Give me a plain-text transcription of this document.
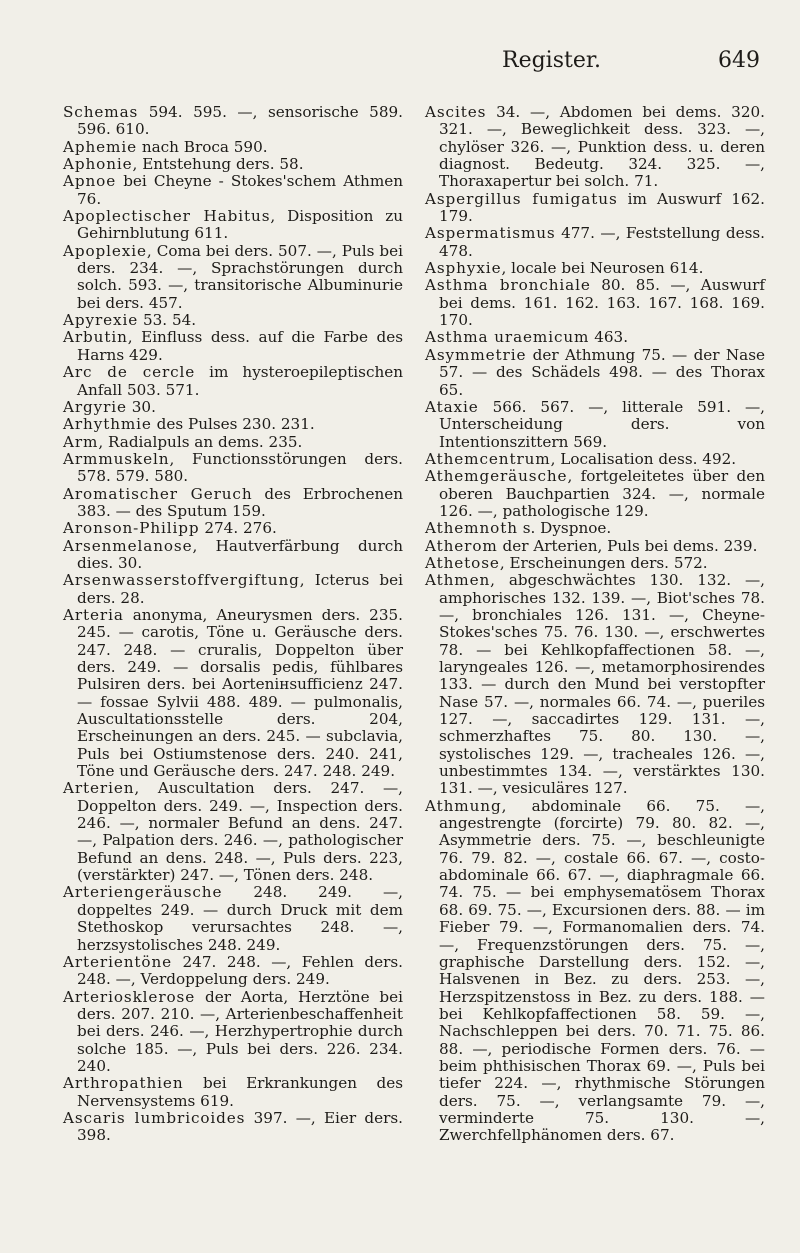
Register.	649
Schemas 594. 595. —, sensorische 589. 596. 610.
Aphemie nach Broca 590.
Aphonie, Entstehung ders. 58.
Apnoe bei Cheyne - Stokes'schem Athmen 76.
Apoplectischer Habitus, Disposition zu Gehirnblutung 611.
Apoplexie, Coma bei ders. 507. —, Puls bei ders. 234. —, Sprachstörungen durch solch. 593. —, transitorische Albuminurie bei ders. 457.
Apyrexie 53. 54.
Arbutin, Einfluss dess. auf die Farbe des Harns 429.
Arc de cercle im hysteroepileptischen Anfall 503. 571.
Argyrie 30.
Arhythmie des Pulses 230. 231.
Arm, Radialpuls an dems. 235.
Armmuskeln, Functionsstörungen ders. 578. 579. 580.
Aromatischer Geruch des Erbrochenen 383. — des Sputum 159.
Aronson-Philipp 274. 276.
Arsenmelanose, Hautverfärbung durch dies. 30.
Arsenwasserstoffvergiftung, Icterus bei ders. 28.
Arteria anonyma, Aneurysmen ders. 235. 245. — carotis, Töne u. Geräusche ders. 247. 248. — cruralis, Doppelton über ders. 249. — dorsalis pedis, fühlbares Pulsiren ders. bei Aortenінsufficienz 247. — fossae Sylvii 488. 489. — pulmonalis, Auscultationsstelle ders. 204, Erscheinungen an ders. 245. — subclavia, Puls bei Ostiumstenose ders. 240. 241, Töne und Geräusche ders. 247. 248. 249.
Arterien, Auscultation ders. 247. —, Doppelton ders. 249. —, Inspection ders. 246. —, normaler Befund an dens. 247. —, Palpation ders. 246. —, pathologischer Befund an dens. 248. —, Puls ders. 223, (verstärkter) 247. —, Tönen ders. 248.
Arteriengeräusche 248. 249. —, doppeltes 249. — durch Druck mit dem Stethoskop verursachtes 248. —, herzsystolisches 248. 249.
Arterientöne 247. 248. —, Fehlen ders. 248. —, Verdoppelung ders. 249.
Arteriosklerose der Aorta, Herztöne bei ders. 207. 210. —, Arterienbeschaffenheit bei ders. 246. —, Herzhypertrophie durch solche 185. —, Puls bei ders. 226. 234. 240.
Arthropathien bei Erkrankungen des Nervensystems 619.
Ascaris lumbricoides 397. —, Eier ders. 398.
Ascites 34. —, Abdomen bei dems. 320. 321. —, Beweglichkeit dess. 323. —, chylöser 326. —, Punktion dess. u. deren diagnost. Bedeutg. 324. 325. —, Thoraxapertur bei solch. 71.
Aspergillus fumigatus im Auswurf 162. 179.
Aspermatismus 477. —, Feststellung dess. 478.
Asphyxie, locale bei Neurosen 614.
Asthma bronchiale 80. 85. —, Auswurf bei dems. 161. 162. 163. 167. 168. 169. 170.
Asthma uraemicum 463.
Asymmetrie der Athmung 75. — der Nase 57. — des Schädels 498. — des Thorax 65.
Ataxie 566. 567. —, litterale 591. —, Unterscheidung ders. von Intentionszittern 569.
Athemcentrum, Localisation dess. 492.
Athemgeräusche, fortgeleitetes über den oberen Bauchpartien 324. —, normale 126. —, pathologische 129.
Athemnoth s. Dyspnoe.
Atherom der Arterien, Puls bei dems. 239.
Athetose, Erscheinungen ders. 572.
Athmen, abgeschwächtes 130. 132. —, amphorisches 132. 139. —, Biot'sches 78. —, bronchiales 126. 131. —, Cheyne-Stokes'sches 75. 76. 130. —, erschwertes 78. — bei Kehlkopfaffectionen 58. —, laryngeales 126. —, metamorphosirendes 133. — durch den Mund bei verstopfter Nase 57. —, normales 66. 74. —, pueriles 127. —, saccadirtes 129. 131. —, schmerzhaftes 75. 80. 130. —, systolisches 129. —, tracheales 126. —, unbestimmtes 134. —, verstärktes 130. 131. —, vesiculäres 127.
Athmung, abdominale 66. 75. —, angestrengte (forcirte) 79. 80. 82. —, Asymmetrie ders. 75. —, beschleunigte 76. 79. 82. —, costale 66. 67. —, costo-abdominale 66. 67. —, diaphragmale 66. 74. 75. — bei emphysematösem Thorax 68. 69. 75. —, Excursionen ders. 88. — im Fieber 79. —, Formanomalien ders. 74. —, Frequenzstörungen ders. 75. —, graphische Darstellung ders. 152. —, Halsvenen in Bez. zu ders. 253. —, Herzspitzenstoss in Bez. zu ders. 188. — bei Kehlkopfaffectionen 58. 59. —, Nachschleppen bei ders. 70. 71. 75. 86. 88. —, periodische Formen ders. 76. — beim phthisischen Thorax 69. —, Puls bei tiefer 224. —, rhythmische Störungen ders. 75. —, verlangsamte 79. —, verminderte 75. 130. —, Zwerchfellphänomen ders. 67.
